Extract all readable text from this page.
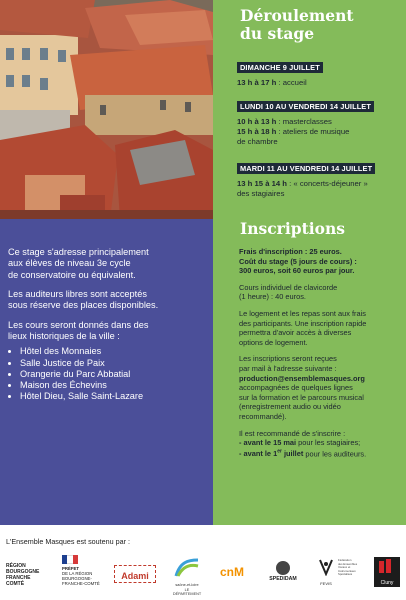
Ce stage s'adresse principalement
aux élèves de niveau 3e cycle
de conservatoire ou équivalent.

Les auditeurs libres sont acceptés
sous réserve des places disponibles.

Les cours seront donnés dans des
lieux historiques de la ville :

• Hôtel des Monnaies
• Salle Justice de Paix
• Orangerie du Parc Abbatial
• Maison des Échevins
• Hôtel Dieu, Salle Saint-Lazare
Déroulement
du stage
DIMANCHE 9 JUILLET
13 h à 17 h : accueil
LUNDI 10 AU VENDREDI 14 JUILLET
10 h à 13 h : masterclasses
15 h à 18 h : ateliers de musique
de chambre
MARDI 11 AU VENDREDI 14 JUILLET
13 h 15 à 14 h : « concerts-déjeuner »
des stagiaires
Inscriptions

Frais d'inscription : 25 euros.
Coût du stage (5 jours de cours) :
300 euros, soit 60 euros par jour.

Cours individuel de clavicorde
(1 heure) : 40 euros.

Le logement et les repas sont aux frais
des participants. Une inscription rapide
permettra d'avoir accès à diverses
options de logement.

Les inscriptions seront reçues
par mail à l'adresse suivante :
production@ensemblemasques.org
accompagnées de quelques lignes
sur la formation et le parcours musical
(enregistrement audio ou vidéo
recommandé).

Il est recommandé de s'inscrire :
- avant le 15 mai pour les stagiaires;
- avant le 1er juillet pour les auditeurs.

L'Ensemble Masques est soutenu par :
RÉGION
BOURGOGNE
FRANCHE
COMTÉ
PRÉFET
DE LA RÉGION
BOURGOGNE-
FRANCHE-COMTÉ
Adami
saône-et-loire
LE DÉPARTEMENT
cnM	SPEDIDAM
FEVIS
Fédération
des Ensembles
Vocaux et
Instrumentaux
Spécialisés
Cluny
